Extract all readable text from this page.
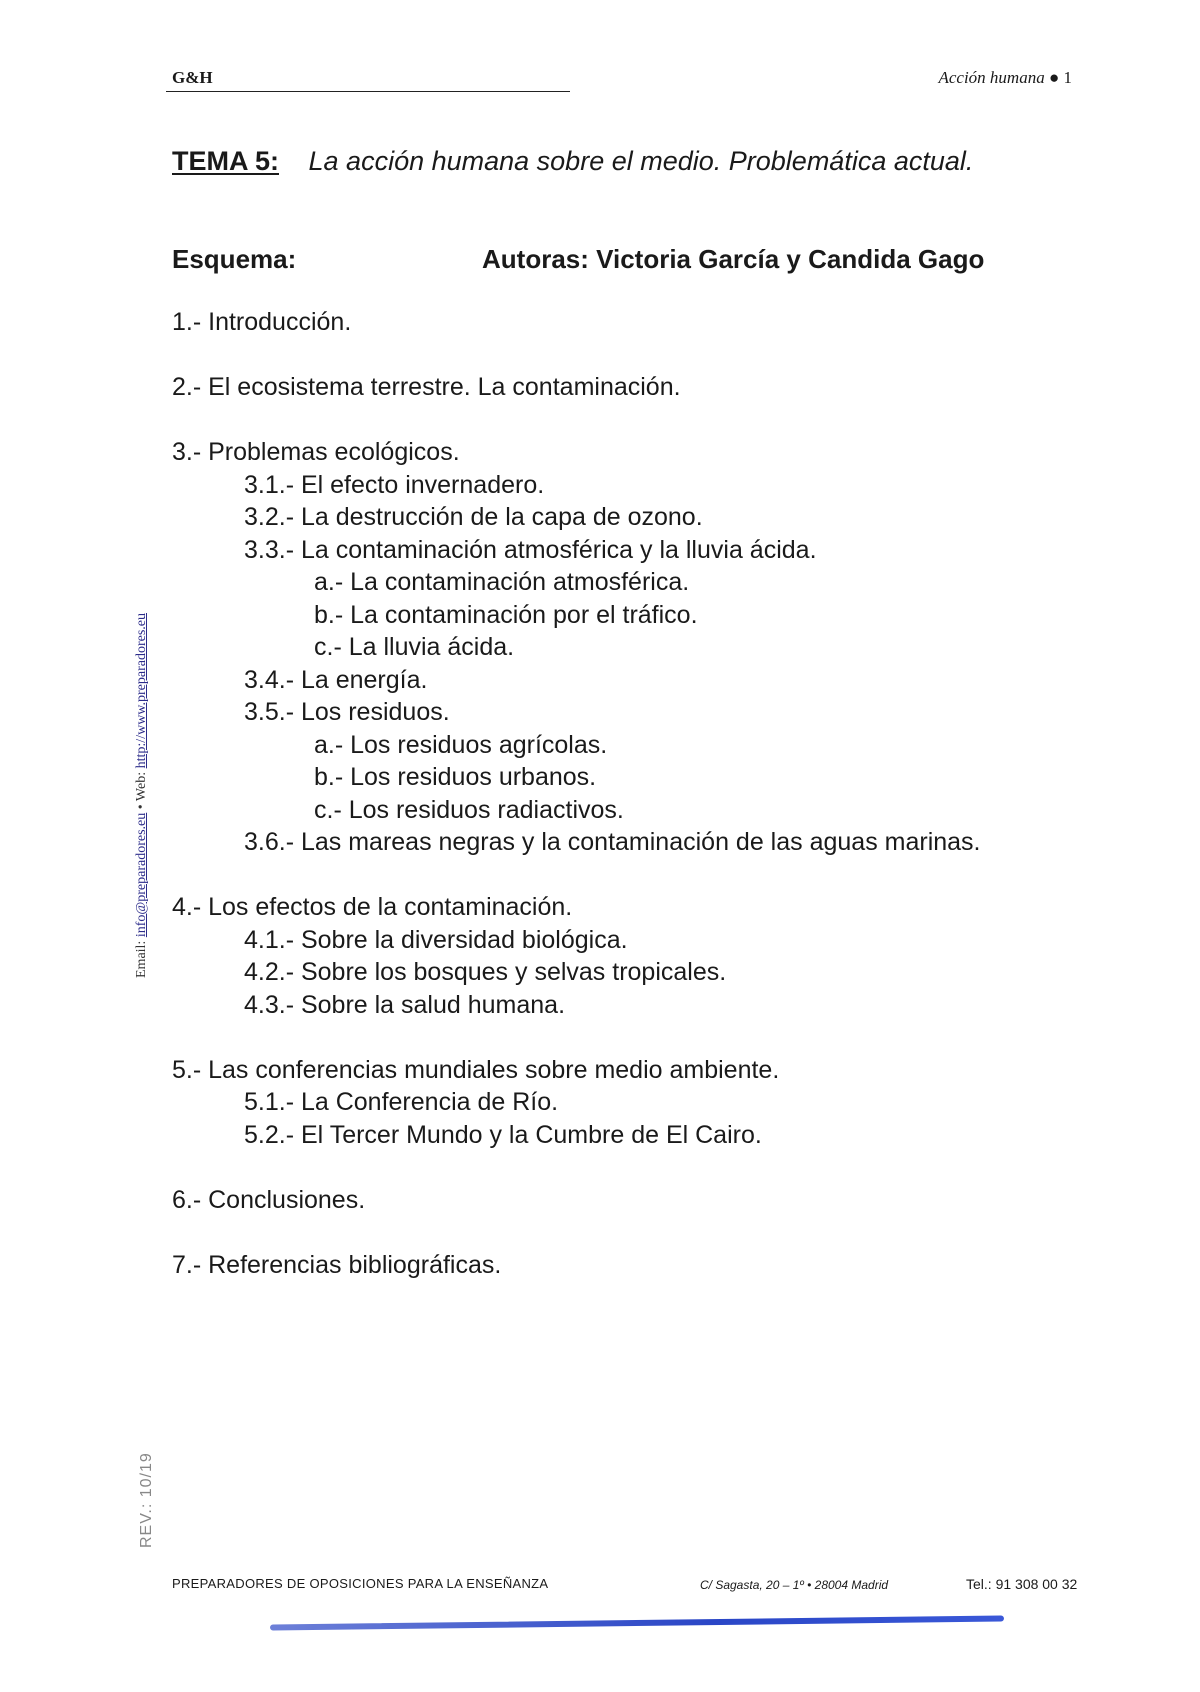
G&H	Acción humana ● 1
TEMA 5: La acción humana sobre el medio. Problemática actual.
Esquema:	Autoras: Victoria García y Candida Gago
1.- Introducción.
2.- El ecosistema terrestre. La contaminación.
3.- Problemas ecológicos.
3.1.- El efecto invernadero.
3.2.- La destrucción de la capa de ozono.
3.3.- La contaminación atmosférica y la lluvia ácida.
a.- La contaminación atmosférica.
b.- La contaminación por el tráfico.
c.- La lluvia ácida.
3.4.- La energía.
3.5.- Los residuos.
a.- Los residuos agrícolas.
b.- Los residuos urbanos.
c.- Los residuos radiactivos.
3.6.- Las mareas negras y la contaminación de las aguas marinas.
4.- Los efectos de la contaminación.
4.1.- Sobre la diversidad biológica.
4.2.- Sobre los bosques y selvas tropicales.
4.3.- Sobre la salud humana.
5.- Las conferencias mundiales sobre medio ambiente.
5.1.- La Conferencia de Río.
5.2.- El Tercer Mundo y la Cumbre de El Cairo.
6.- Conclusiones.
7.- Referencias bibliográficas.
Email: info@preparadores.eu • Web: http://www.preparadores.eu
REV.: 10/19
PREPARADORES DE OPOSICIONES PARA LA ENSEÑANZA	C/ Sagasta, 20 – 1º • 28004 Madrid	Tel.: 91 308 00 32
